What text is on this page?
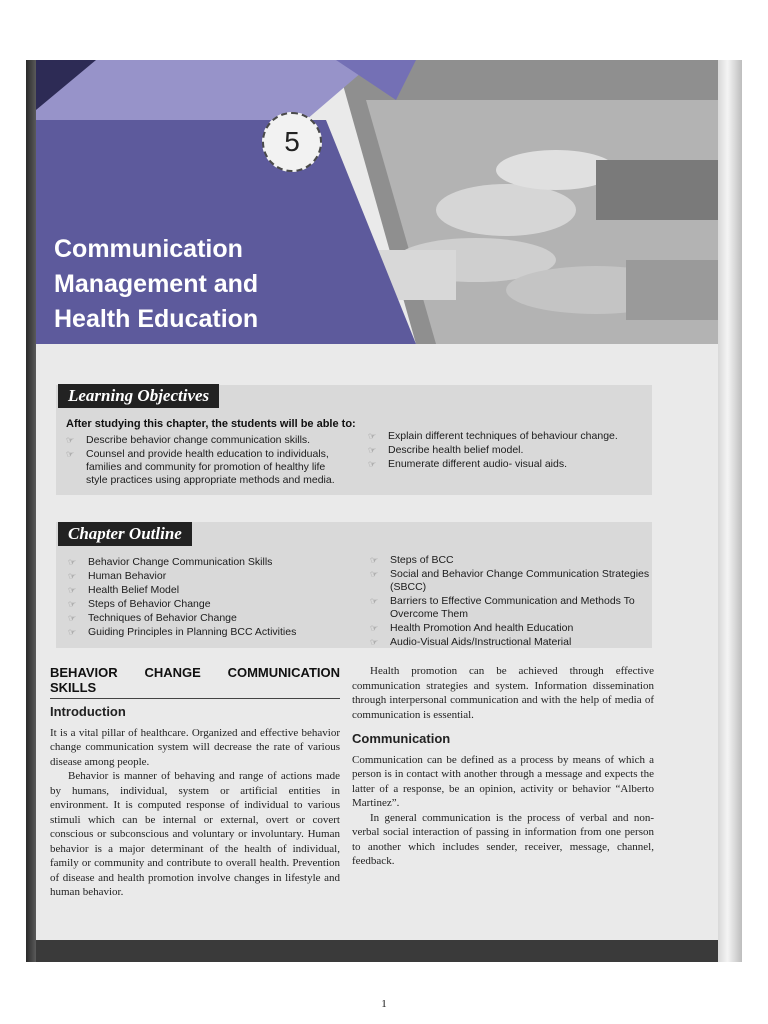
5
Communication
Management and
Health Education
Learning Objectives
After studying this chapter, the students will be able to:
☞ Describe behavior change communication skills.
☞ Counsel and provide health education to individuals, families and community for promotion of healthy life style practices using appropriate methods and media.
☞ Explain different techniques of behaviour change.
☞ Describe health belief model.
☞ Enumerate different audio- visual aids.
Chapter Outline
☞ Behavior Change Communication Skills
☞ Human Behavior
☞ Health Belief Model
☞ Steps of Behavior Change
☞ Techniques of Behavior Change
☞ Guiding Principles in Planning BCC Activities
☞ Steps of BCC
☞ Social and Behavior Change Communication Strategies (SBCC)
☞ Barriers to Effective Communication and Methods To Overcome Them
☞ Health Promotion And health Education
☞ Audio-Visual Aids/Instructional Material
BEHAVIOR CHANGE COMMUNICATION SKILLS
Introduction

It is a vital pillar of healthcare. Organized and effective behavior change communication system will decrease the rate of various disease among people.

Behavior is manner of behaving and range of actions made by humans, individual, system or artificial entities in environment. It is computed response of individual to various stimuli which can be internal or external, overt or covert conscious or subconscious and voluntary or involuntary. Human behavior is a major determinant of the health of individual, family or community and contribute to overall health. Prevention of disease and health promotion involve changes in lifestyle and human behavior.

Health promotion can be achieved through effective communication strategies and system. Information dissemination through interpersonal communication and with the help of media of communication is essential.

Communication

Communication can be defined as a process by means of which a person is in contact with another through a message and expects the latter of a response, be an opinion, activity or behavior “Alberto Martinez”.

In general communication is the process of verbal and non-verbal social interaction of passing in information from one person to another which includes sender, receiver, message, channel, feedback.

1
